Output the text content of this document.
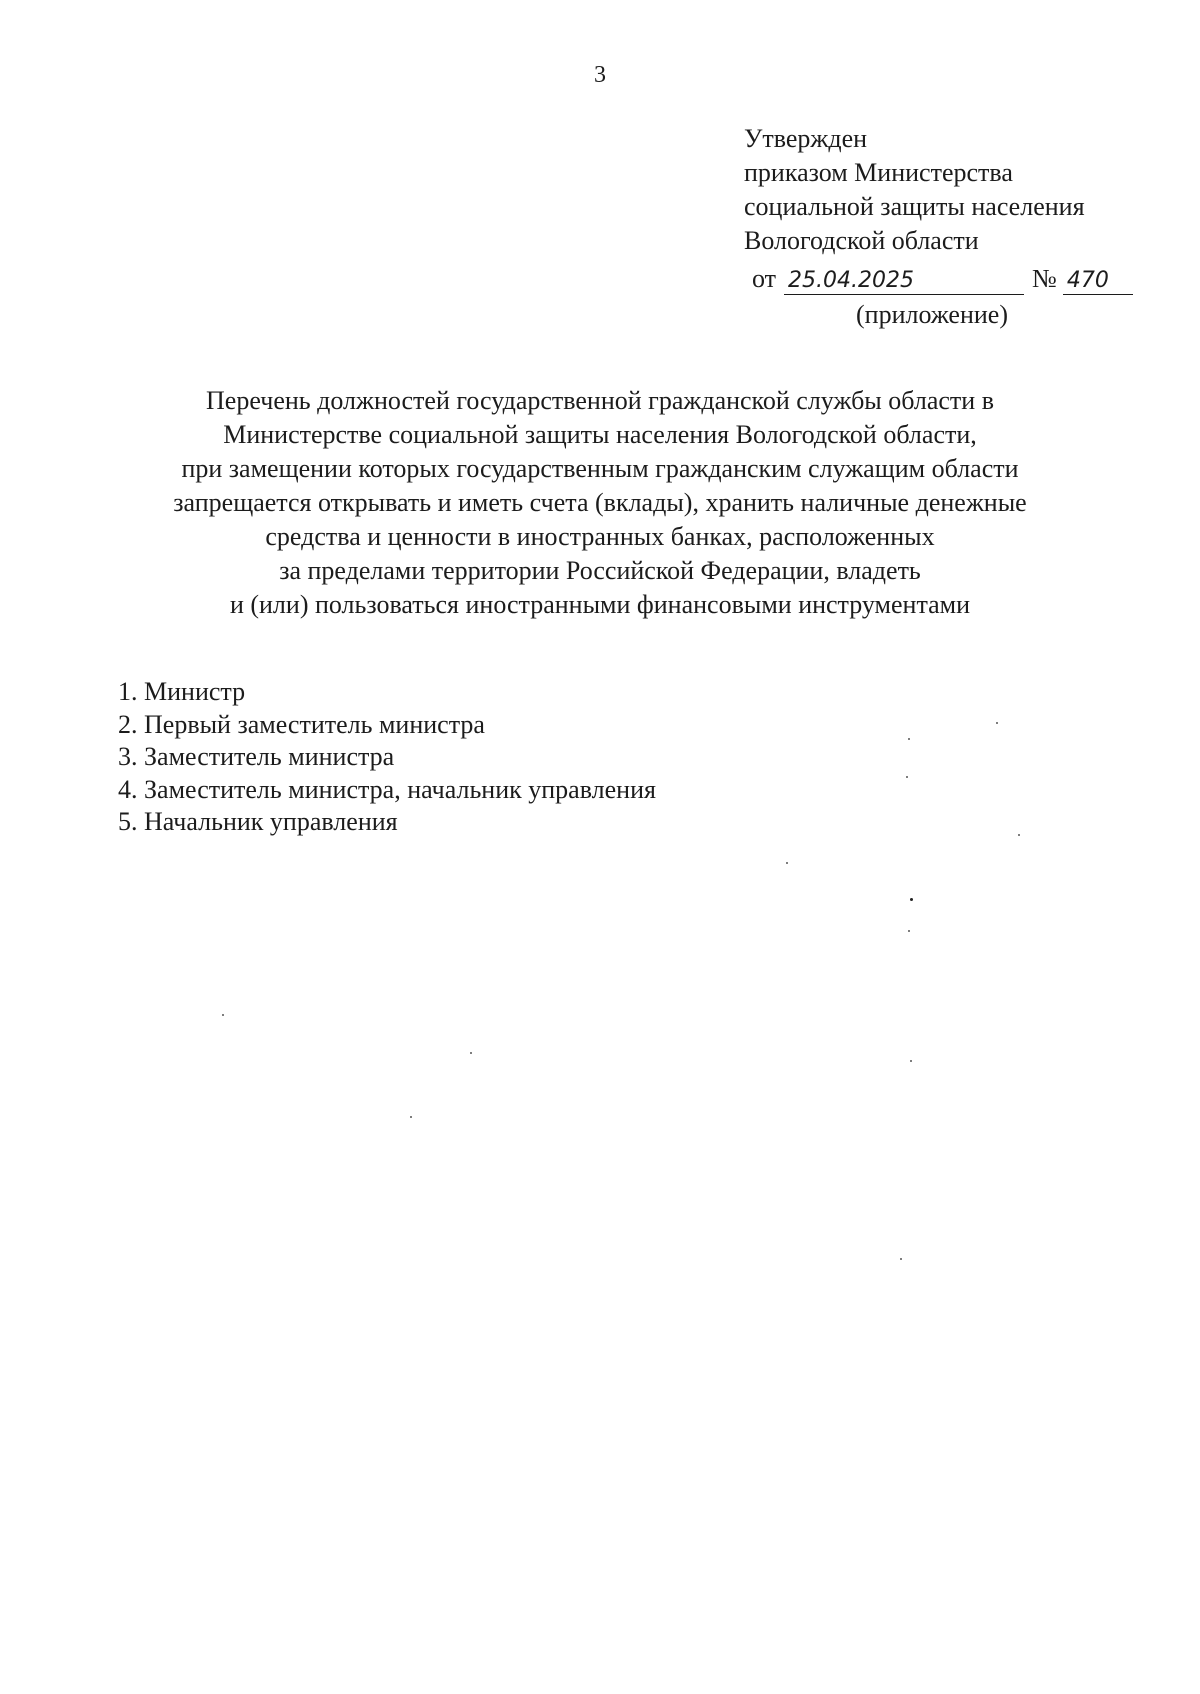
3
Утвержден
приказом Министерства
социальной защиты населения
Вологодской области
от 25.04.2025	№ 470
(приложение)
Перечень должностей государственной гражданской службы области в
Министерстве социальной защиты населения Вологодской области,
при замещении которых государственным гражданским служащим области
запрещается открывать и иметь счета (вклады), хранить наличные денежные
средства и ценности в иностранных банках, расположенных
за пределами территории Российской Федерации, владеть
и (или) пользоваться иностранными финансовыми инструментами
1. Министр
2. Первый заместитель министра
3. Заместитель министра
4. Заместитель министра, начальник управления
5. Начальник управления
